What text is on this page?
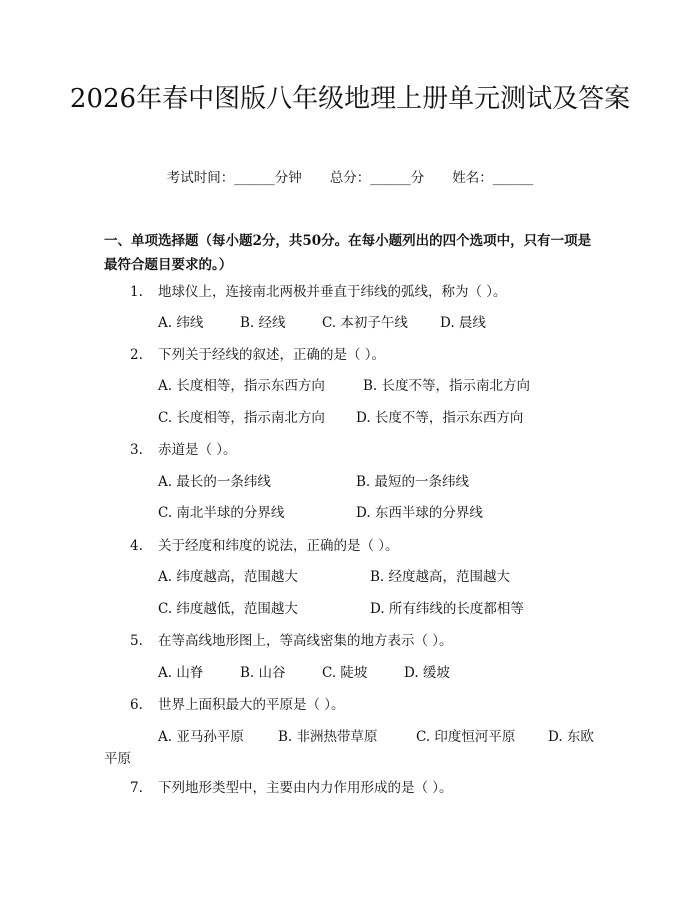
2026年春中图版八年级地理上册单元测试及答案
考试时间：______分钟 总分：______分 姓名：______
一、单项选择题（每小题2分，共50分。在每小题列出的四个选项中，只有一项是最符合题目要求的。）
1. 地球仪上，连接南北两极并垂直于纬线的弧线，称为（ ）。
A. 纬线	B. 经线	C. 本初子午线 D. 晨线
2. 下列关于经线的叙述，正确的是（ ）。
A. 长度相等，指示东西方向	B. 长度不等，指示南北方向
C. 长度相等，指示南北方向 D. 长度不等，指示东西方向
3. 赤道是（ ）。
A. 最长的一条纬线	B. 最短的一条纬线
C. 南北半球的分界线	D. 东西半球的分界线
4. 关于经度和纬度的说法，正确的是（ ）。
A. 纬度越高，范围越大	B. 经度越高，范围越大
C. 纬度越低，范围越大	D. 所有纬线的长度都相等
5. 在等高线地形图上，等高线密集的地方表示（ ）。
A. 山脊	B. 山谷	C. 陡坡	D. 缓坡
6. 世界上面积最大的平原是（ ）。
A. 亚马孙平原	B. 非洲热带草原	C. 印度恒河平原 D. 东欧
平原
7. 下列地形类型中，主要由内力作用形成的是（ ）。
